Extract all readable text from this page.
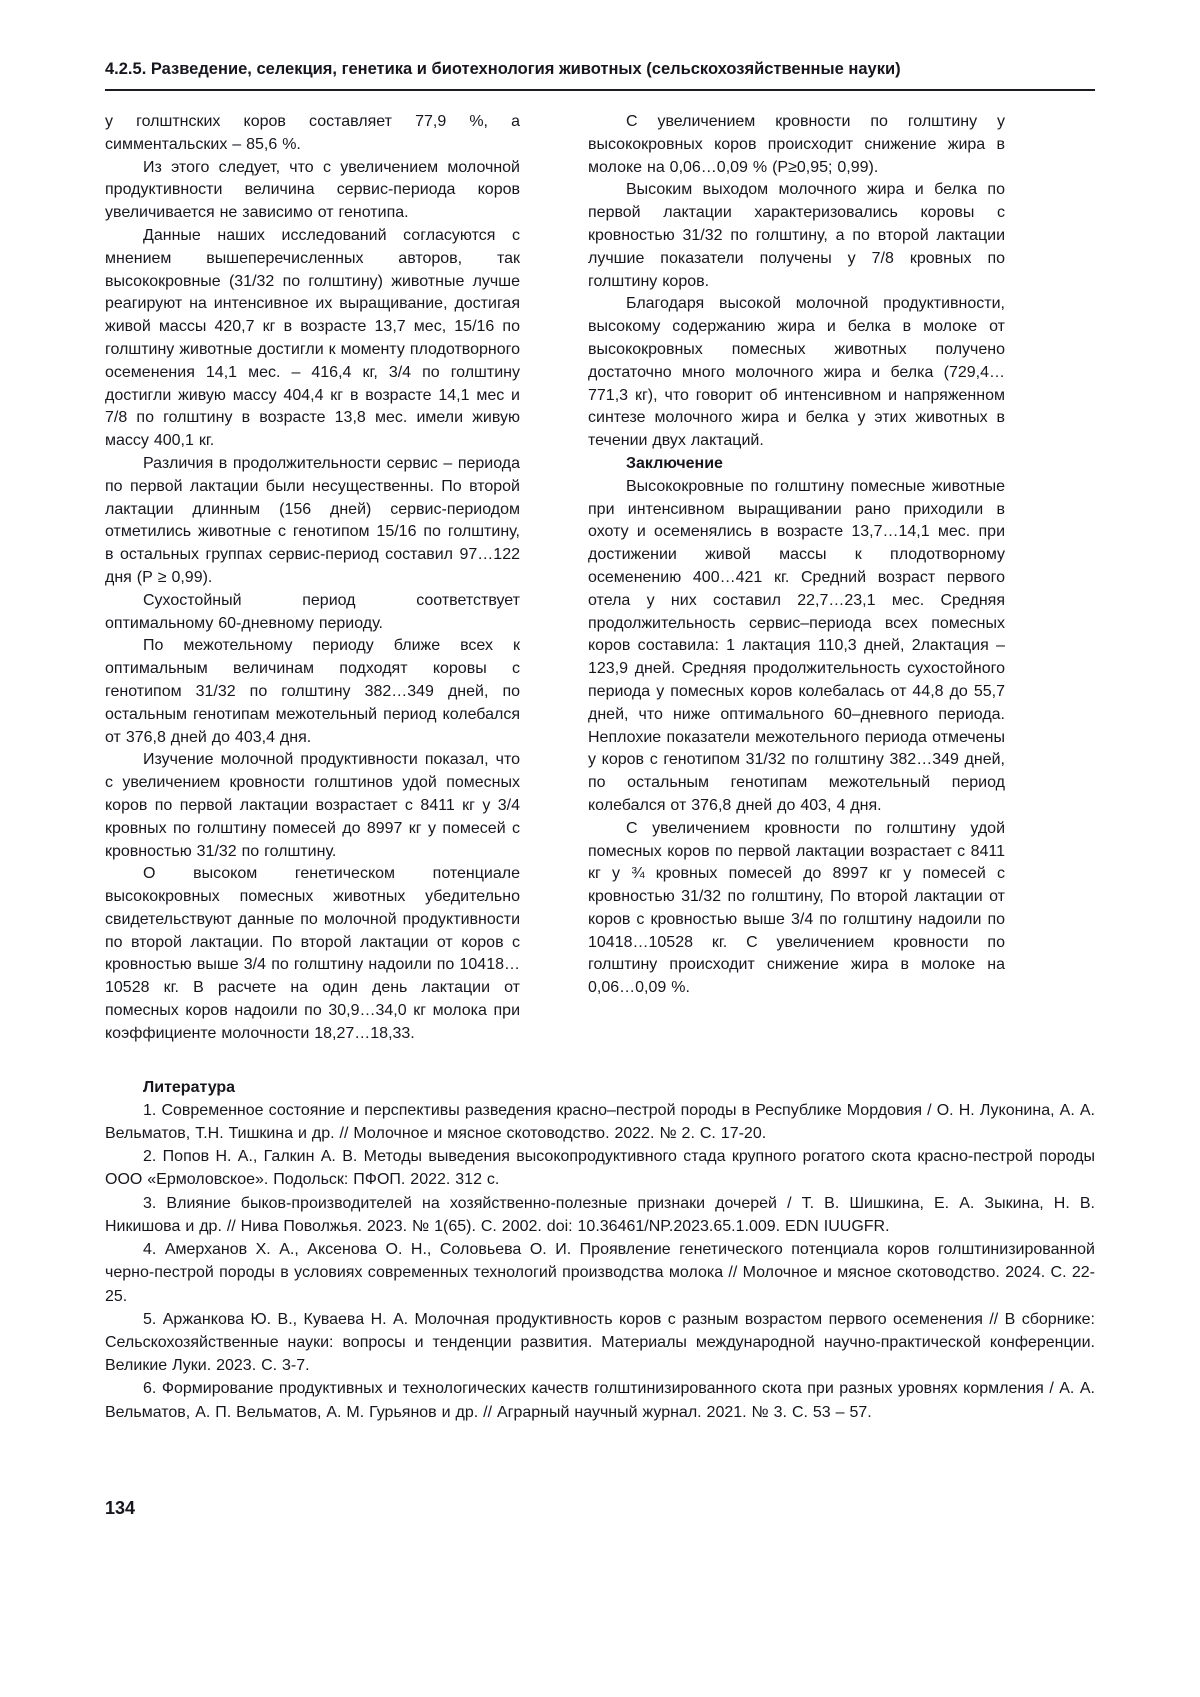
4.2.5. Разведение, селекция, генетика и биотехнология животных (сельскохозяйственные науки)

у голштнских коров составляет 77,9 %, а симментальских – 85,6 %.

Из этого следует, что с увеличением молочной продуктивности величина сервис-периода коров увеличивается не зависимо от генотипа.

Данные наших исследований согласуются с мнением вышеперечисленных авторов, так высококровные (31/32 по голштину) животные лучше реагируют на интенсивное их выращивание, достигая живой массы 420,7 кг в возрасте 13,7 мес, 15/16 по голштину животные достигли к моменту плодотворного осеменения 14,1 мес. – 416,4 кг, 3/4 по голштину достигли живую массу 404,4 кг в возрасте 14,1 мес и 7/8 по голштину в возрасте 13,8 мес. имели живую массу 400,1 кг.

Различия в продолжительности сервис – периода по первой лактации были несущественны. По второй лактации длинным (156 дней) сервис-периодом отметились животные с генотипом 15/16 по голштину, в остальных группах сервис-период составил 97…122 дня (Р ≥ 0,99).

Сухостойный период соответствует оптимальному 60-дневному периоду.

По межотельному периоду ближе всех к оптимальным величинам подходят коровы с генотипом 31/32 по голштину 382…349 дней, по остальным генотипам межотельный период колебался от 376,8 дней до 403,4 дня.

Изучение молочной продуктивности показал, что с увеличением кровности голштинов удой помесных коров по первой лактации возрастает с 8411 кг у 3/4 кровных по голштину помесей до 8997 кг у помесей с кровностью 31/32 по голштину.

О высоком генетическом потенциале высококровных помесных животных убедительно свидетельствуют данные по молочной продуктивности по второй лактации. По второй лактации от коров с кровностью выше 3/4 по голштину надоили по 10418…10528 кг. В расчете на один день лактации от помесных коров надоили по 30,9…34,0 кг молока при коэффициенте молочности 18,27…18,33.

С увеличением кровности по голштину у высококровных коров происходит снижение жира в молоке на 0,06…0,09 % (Р≥0,95; 0,99).

Высоким выходом молочного жира и белка по первой лактации характеризовались коровы с кровностью 31/32 по голштину, а по второй лактации лучшие показатели получены у 7/8 кровных по голштину коров.

Благодаря высокой молочной продуктивности, высокому содержанию жира и белка в молоке от высококровных помесных животных получено достаточно много молочного жира и белка (729,4…771,3 кг), что говорит об интенсивном и напряженном синтезе молочного жира и белка у этих животных в течении двух лактаций.

Заключение

Высококровные по голштину помесные животные при интенсивном выращивании рано приходили в охоту и осеменялись в возрасте 13,7…14,1 мес. при достижении живой массы к плодотворному осеменению 400…421 кг. Средний возраст первого отела у них составил 22,7…23,1 мес. Средняя продолжительность сервис–периода всех помесных коров составила: 1 лактация 110,3 дней, 2лактация – 123,9 дней. Средняя продолжительность сухостойного периода у помесных коров колебалась от 44,8 до 55,7 дней, что ниже оптимального 60–дневного периода. Неплохие показатели межотельного периода отмечены у коров с генотипом 31/32 по голштину 382…349 дней, по остальным генотипам межотельный период колебался от 376,8 дней до 403, 4 дня.

С увеличением кровности по голштину удой помесных коров по первой лактации возрастает с 8411 кг у ¾ кровных помесей до 8997 кг у помесей с кровностью 31/32 по голштину, По второй лактации от коров с кровностью выше 3/4 по голштину надоили по 10418…10528 кг. С увеличением кровности по голштину происходит снижение жира в молоке на 0,06…0,09 %.

Литература

1. Современное состояние и перспективы разведения красно–пестрой породы в Республике Мордовия / О. Н. Луконина, А. А. Вельматов, Т.Н. Тишкина и др. // Молочное и мясное скотоводство. 2022. № 2. С. 17-20.

2. Попов Н. А., Галкин А. В. Методы выведения высокопродуктивного стада крупного рогатого скота красно-пестрой породы ООО «Ермоловское». Подольск: ПФОП. 2022. 312 с.

3. Влияние быков-производителей на хозяйственно-полезные признаки дочерей / Т. В. Шишкина, Е. А. Зыкина, Н. В. Никишова и др. // Нива Поволжья. 2023. № 1(65). С. 2002. doi: 10.36461/NP.2023.65.1.009. EDN IUUGFR.

4. Амерханов Х. А., Аксенова О. Н., Соловьева О. И. Проявление генетического потенциала коров голштинизированной черно-пестрой породы в условиях современных технологий производства молока // Молочное и мясное скотоводство. 2024. С. 22-25.

5. Аржанкова Ю. В., Куваева Н. А. Молочная продуктивность коров с разным возрастом первого осеменения // В сборнике: Сельскохозяйственные науки: вопросы и тенденции развития. Материалы международной научно-практической конференции. Великие Луки. 2023. С. 3-7.

6. Формирование продуктивных и технологических качеств голштинизированного скота при разных уровнях кормления / А. А. Вельматов, А. П. Вельматов, А. М. Гурьянов и др. // Аграрный научный журнал. 2021. № 3. С. 53 – 57.

134
